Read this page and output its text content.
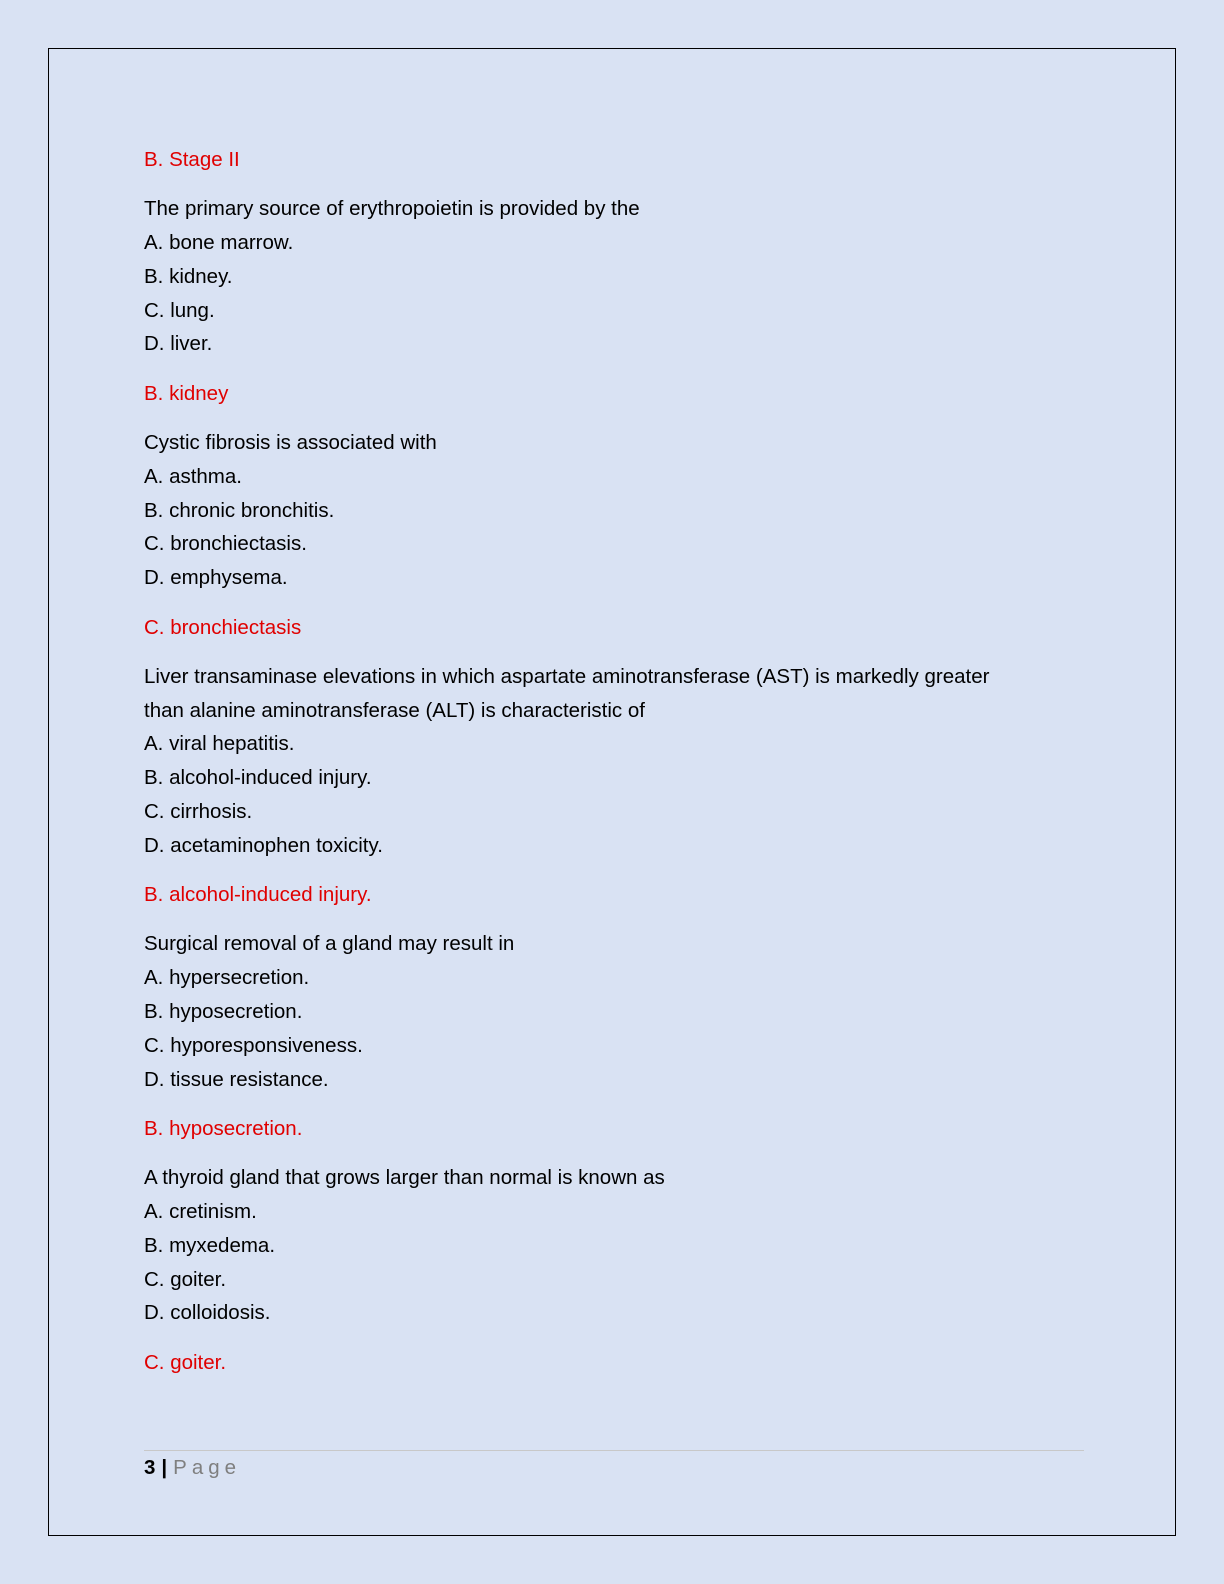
B. Stage II
The primary source of erythropoietin is provided by the
A. bone marrow.
B. kidney.
C. lung.
D. liver.
B. kidney
Cystic fibrosis is associated with
A. asthma.
B. chronic bronchitis.
C. bronchiectasis.
D. emphysema.
C. bronchiectasis
Liver transaminase elevations in which aspartate aminotransferase (AST) is markedly greater
than alanine aminotransferase (ALT) is characteristic of
A. viral hepatitis.
B. alcohol-induced injury.
C. cirrhosis.
D. acetaminophen toxicity.
B. alcohol-induced injury.
Surgical removal of a gland may result in
A. hypersecretion.
B. hyposecretion.
C. hyporesponsiveness.
D. tissue resistance.
B. hyposecretion.
A thyroid gland that grows larger than normal is known as
A. cretinism.
B. myxedema.
C. goiter.
D. colloidosis.
C. goiter.
3 | Page
